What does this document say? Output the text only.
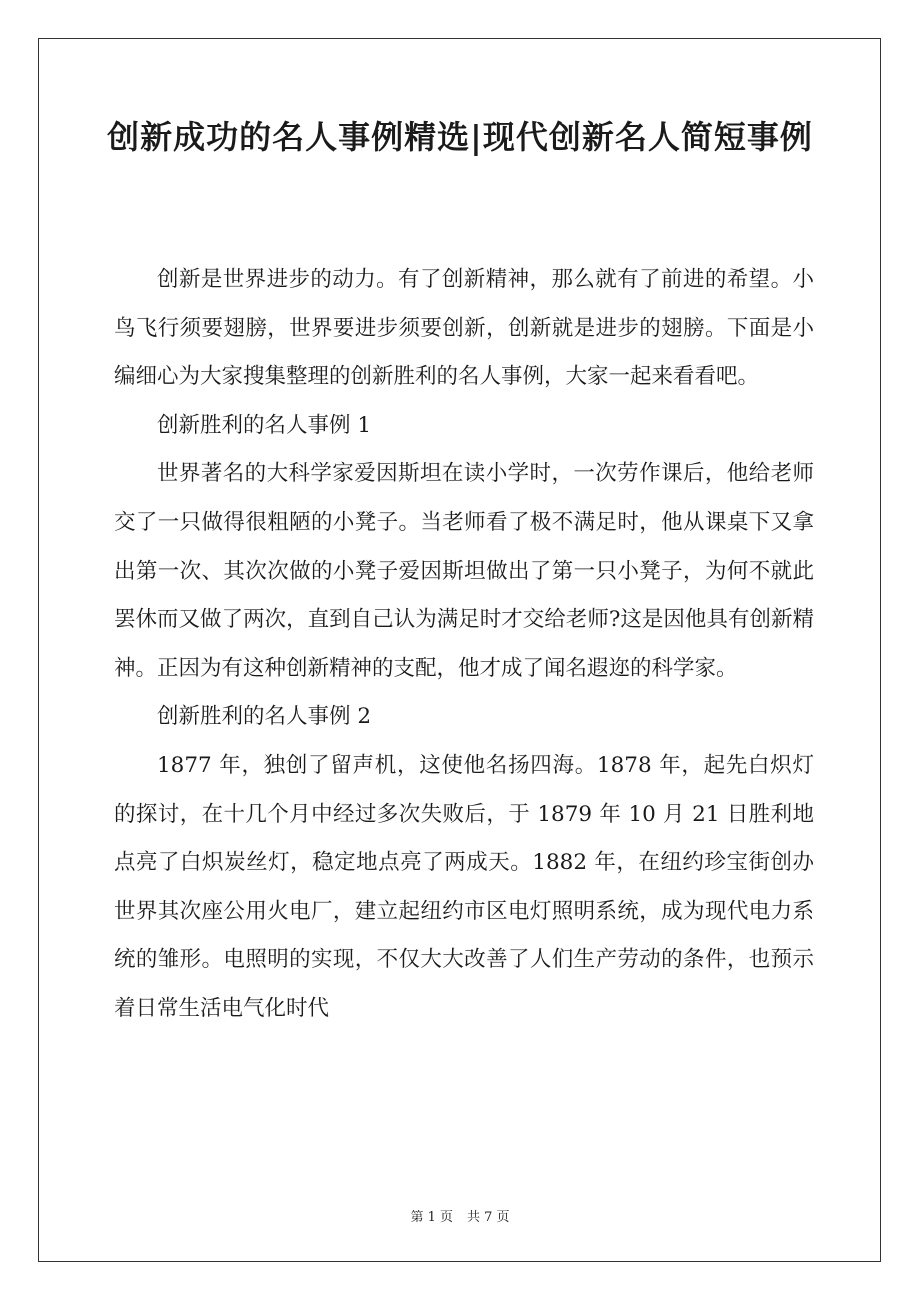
创新成功的名人事例精选|现代创新名人简短事例

创新是世界进步的动力。有了创新精神，那么就有了前进的希望。小鸟飞行须要翅膀，世界要进步须要创新，创新就是进步的翅膀。下面是小编细心为大家搜集整理的创新胜利的名人事例，大家一起来看看吧。

创新胜利的名人事例 1

世界著名的大科学家爱因斯坦在读小学时，一次劳作课后，他给老师交了一只做得很粗陋的小凳子。当老师看了极不满足时，他从课桌下又拿出第一次、其次次做的小凳子爱因斯坦做出了第一只小凳子，为何不就此罢休而又做了两次，直到自己认为满足时才交给老师?这是因他具有创新精神。正因为有这种创新精神的支配，他才成了闻名遐迩的科学家。

创新胜利的名人事例 2

1877 年，独创了留声机，这使他名扬四海。1878 年，起先白炽灯的探讨，在十几个月中经过多次失败后，于 1879 年 10 月 21 日胜利地点亮了白炽炭丝灯，稳定地点亮了两成天。1882 年，在纽约珍宝街创办世界其次座公用火电厂，建立起纽约市区电灯照明系统，成为现代电力系统的雏形。电照明的实现，不仅大大改善了人们生产劳动的条件，也预示着日常生活电气化时代

第 1 页 共 7 页
